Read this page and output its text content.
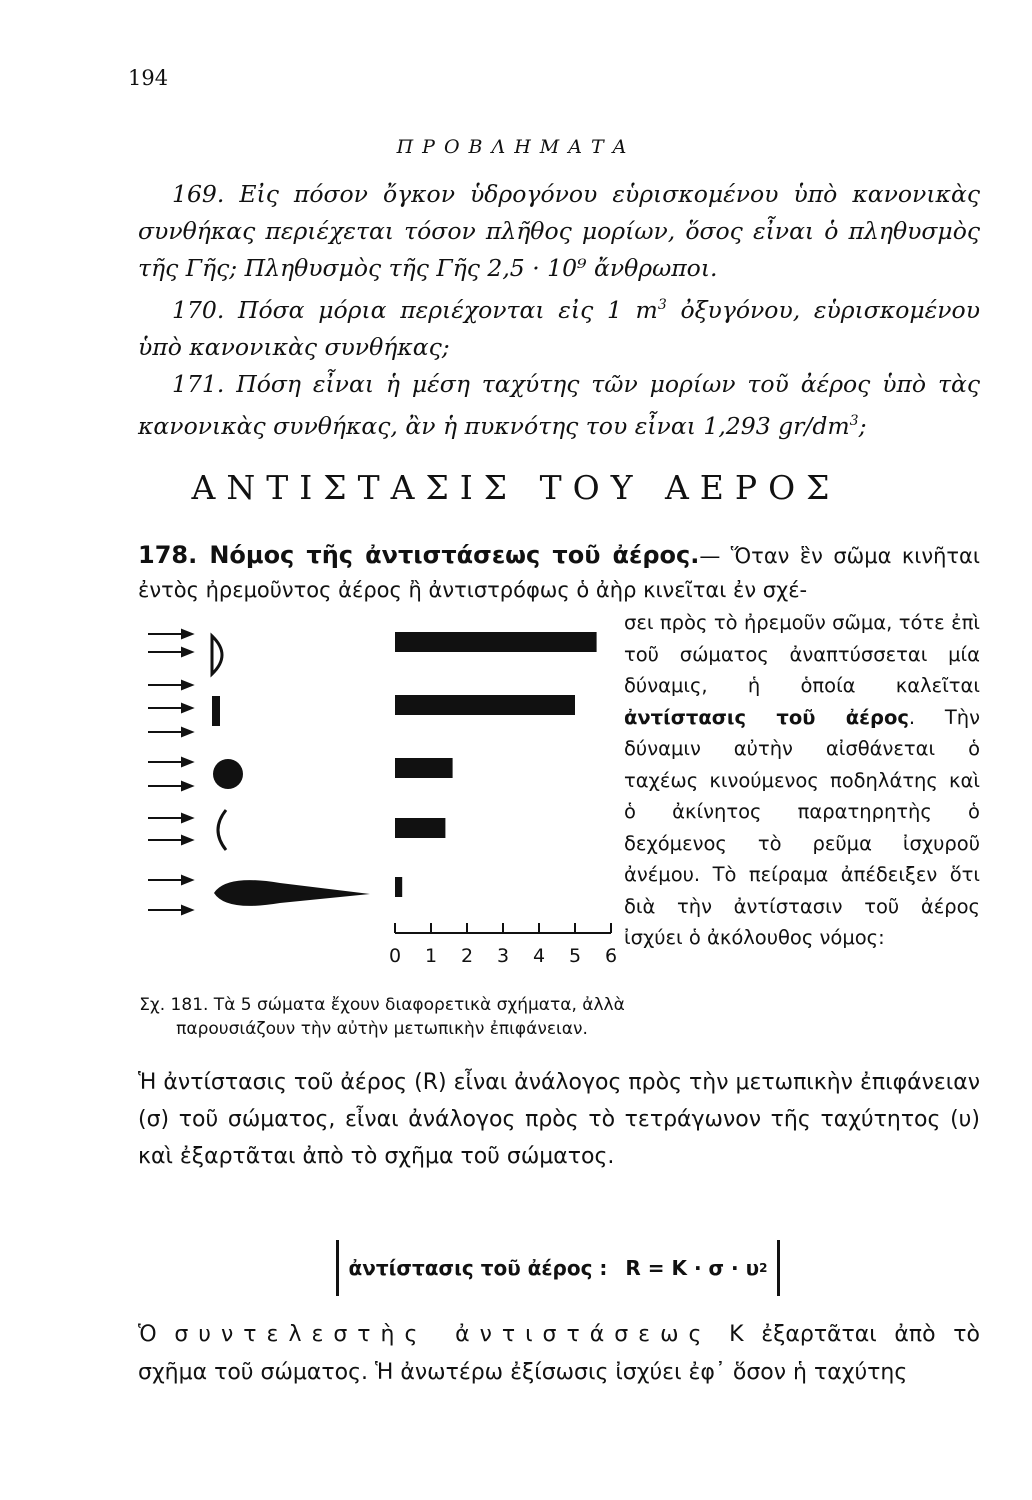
194
ΠΡΟΒΛΗΜΑΤΑ

169. Εἰς πόσον ὄγκον ὑδρογόνου εὑρισκομένου ὑπὸ κανονικὰς συνθήκας περιέχεται τόσον πλῆθος μορίων, ὅσος εἶναι ὁ πληθυσμὸς τῆς Γῆς; Πληθυσμὸς τῆς Γῆς 2,5 · 10⁹ ἄνθρωποι.

170. Πόσα μόρια περιέχονται εἰς 1 $m^3$ ὀξυγόνου, εὑρισκομένου ὑπὸ κανονικὰς συνθήκας;

171. Πόση εἶναι ἡ μέση ταχύτης τῶν μορίων τοῦ ἀέρος ὑπὸ τὰς κανονικὰς συνθήκας, ἂν ἡ πυκνότης του εἶναι 1,293 $gr/dm^3$;

ΑΝΤΙΣΤΑΣΙΣ ΤΟΥ ΑΕΡΟΣ
178. Νόμος τῆς ἀντιστάσεως τοῦ ἀέρος.— Ὅταν ἓν σῶμα κινῆται ἐντὸς ἠρεμοῦντος ἀέρος ἢ ἀντιστρόφως ὁ ἀὴρ κινεῖται ἐν σχέ-
0 1 2 3 4 5 6
σει πρὸς τὸ ἠρεμοῦν σῶμα, τότε ἐπὶ τοῦ σώματος ἀναπτύσσεται μία δύναμις, ἡ ὁποία καλεῖται ἀντίστασις τοῦ ἀέρος. Τὴν δύναμιν αὐτὴν αἰσθάνεται ὁ ταχέως κινούμενος ποδηλάτης καὶ ὁ ἀκίνητος παρατηρητὴς ὁ δεχόμενος τὸ ρεῦμα ἰσχυροῦ ἀνέμου. Τὸ πείραμα ἀπέδειξεν ὅτι διὰ τὴν ἀντίστασιν τοῦ ἀέρος ἰσχύει ὁ ἀκόλουθος νόμος:
Σχ. 181. Τὰ 5 σώματα ἔχουν διαφορετικὰ σχήματα, ἀλλὰ παρουσιάζουν τὴν αὐτὴν μετωπικὴν ἐπιφάνειαν.
Ἡ ἀντίστασις τοῦ ἀέρος (R) εἶναι ἀνάλογος πρὸς τὴν μετωπικὴν ἐπιφάνειαν (σ) τοῦ σώματος, εἶναι ἀνάλογος πρὸς τὸ τετράγωνον τῆς ταχύτητος (υ) καὶ ἐξαρτᾶται ἀπὸ τὸ σχῆμα τοῦ σώματος.
ἀντίστασις τοῦ ἀέρος : R = K · σ · υ 2
Ὁ συντελεστὴς ἀντιστάσεως K ἐξαρτᾶται ἀπὸ τὸ σχῆμα τοῦ σώματος. Ἡ ἀνωτέρω ἐξίσωσις ἰσχύει ἐφ᾽ ὅσον ἡ ταχύτης
